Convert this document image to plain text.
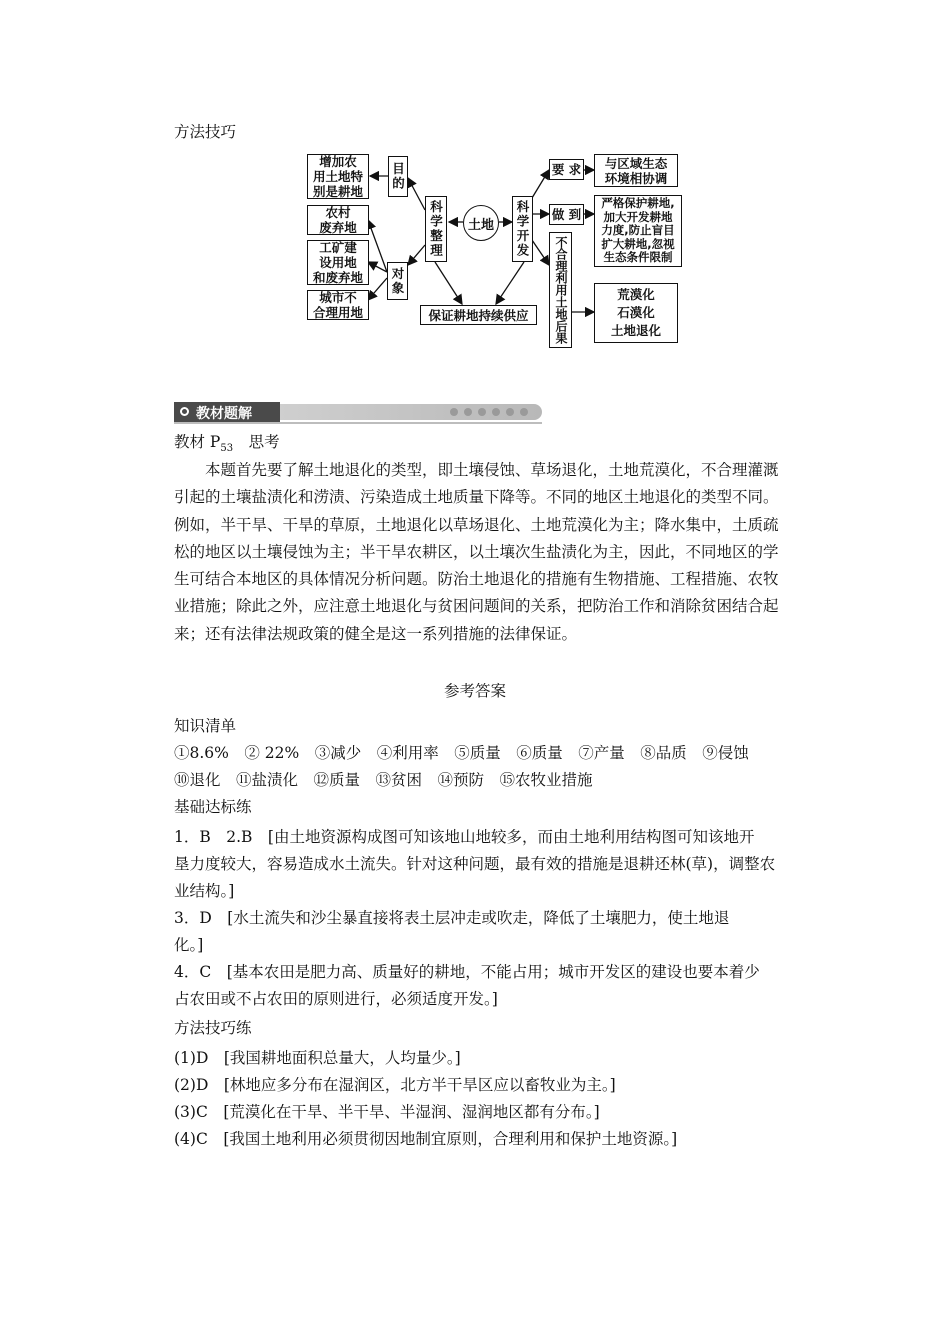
方法技巧
增加农
用土地特
别是耕地
目的
农村
废弃地
工矿建
设用地
和废弃地
城市不
合理用地
对象
科学整理	土地	科学开发
保证耕地持续供应
要 求 与区域生态
环境相协调
做 到
严格保护耕地,
加大开发耕地
力度,防止盲目
扩大耕地,忽视
生态条件限制
不合理利用土地后果	荒漠化
石漠化
土地退化
教材题解
教材 $P_{53}$　 思考
本题首先要了解土地退化的类型，即土壤侵蚀、草场退化，土地荒漠化，不合理灌溉
引起的土壤盐渍化和涝渍、污染造成土地质量下降等。不同的地区土地退化的类型不同。
例如，半干旱、干旱的草原，土地退化以草场退化、土地荒漠化为主；降水集中，土质疏
松的地区以土壤侵蚀为主；半干旱农耕区，以土壤次生盐渍化为主，因此，不同地区的学
生可结合本地区的具体情况分析问题。防治土地退化的措施有生物措施、工程措施、农牧
业措施；除此之外，应注意土地退化与贫困问题间的关系，把防治工作和消除贫困结合起
来；还有法律法规政策的健全是这一系列措施的法律保证。
参考答案
知识清单
①8.6%　② 22%　③减少　④利用率　⑤质量　⑥质量　⑦产量　⑧品质　⑨侵蚀
⑩退化　⑪盐渍化　⑫质量　⑬贫困　⑭预防　⑮农牧业措施
基础达标练
1．B　2.B　[由土地资源构成图可知该地山地较多，而由土地利用结构图可知该地开
垦力度较大，容易造成水土流失。针对这种问题，最有效的措施是退耕还林(草)，调整农
业结构。]
3．D　[水土流失和沙尘暴直接将表土层冲走或吹走，降低了土壤肥力，使土地退
化。]
4．C　[基本农田是肥力高、质量好的耕地，不能占用；城市开发区的建设也要本着少
占农田或不占农田的原则进行，必须适度开发。]
方法技巧练
(1)D　[我国耕地面积总量大，人均量少。]
(2)D　[林地应多分布在湿润区，北方半干旱区应以畜牧业为主。]
(3)C　[荒漠化在干旱、半干旱、半湿润、湿润地区都有分布。]
(4)C　[我国土地利用必须贯彻因地制宜原则，合理利用和保护土地资源。]
